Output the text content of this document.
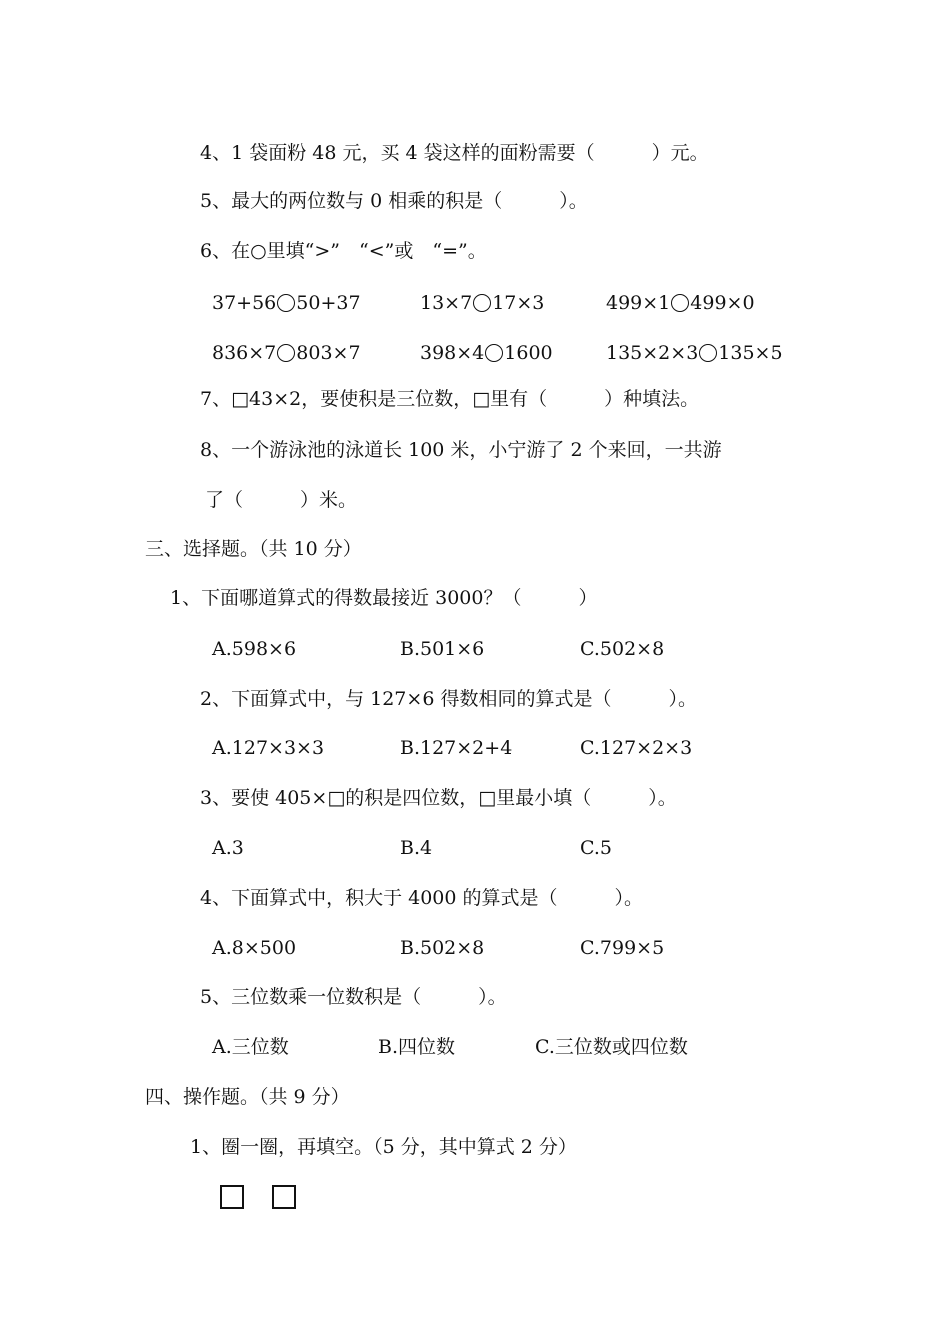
4、1 袋面粉 48 元，买 4 袋这样的面粉需要（　　　）元。
5、最大的两位数与 0 相乘的积是（　　　）。
6、在○里填“>”　“<”或　“=”。
37+56 50+37	13×7 17×3	499×1 499×0
836×7 803×7	398×4 1600	135×2×3 135×5
7、□43×2，要使积是三位数，□里有（　　　）种填法。
8、一个游泳池的泳道长 100 米，小宁游了 2 个来回，一共游
了（　　　）米。
三、选择题。（共 10 分）
1、下面哪道算式的得数最接近 3000？（　　　）
A.598×6	B.501×6	C.502×8
2、下面算式中，与 127×6 得数相同的算式是（　　　）。
A.127×3×3	B.127×2+4	C.127×2×3
3、要使 405×□的积是四位数，□里最小填（　　　）。
A.3	B.4	C.5
4、下面算式中，积大于 4000 的算式是（　　　）。
A.8×500	B.502×8	C.799×5
5、三位数乘一位数积是（　　　）。
A.三位数	B.四位数	C.三位数或四位数
四、操作题。（共 9 分）
1、圈一圈，再填空。（5 分，其中算式 2 分）
